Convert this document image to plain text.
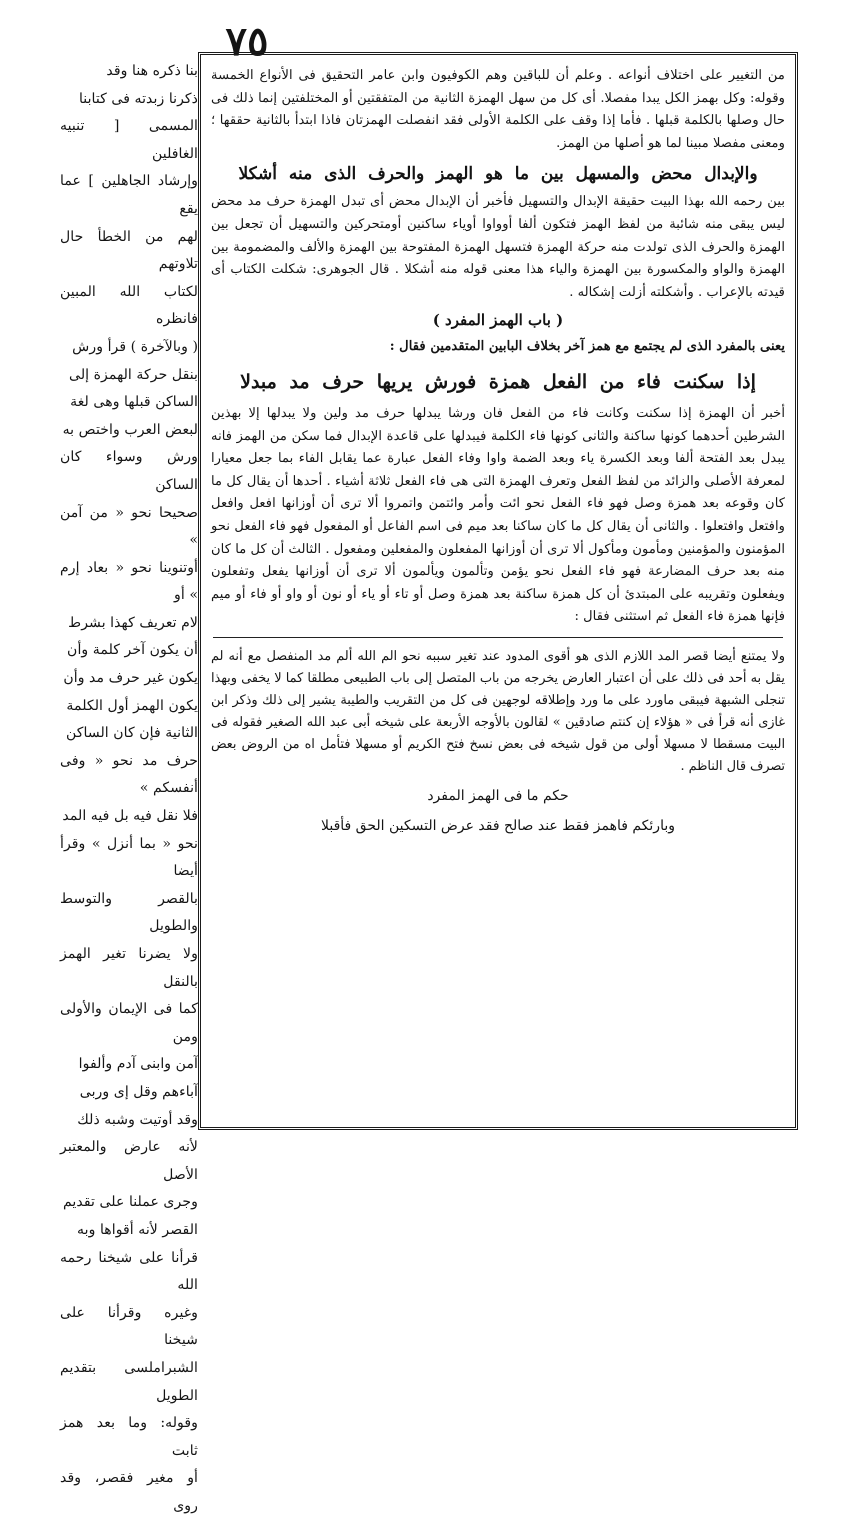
٧٥
بنا ذكره هنا وقد
ذكرنا زبدته فى كتابنا
المسمى [ تنبيه الغافلين
وإرشاد الجاهلين ] عما يقع
لهم من الخطأ حال تلاوتهم
لكتاب الله المبين فانظره
( وبالآخرة ) قرأ ورش
بنقل حركة الهمزة إلى
الساكن قبلها وهى لغة
لبعض العرب واختص به
ورش وسواء كان الساكن
صحيحا نحو « من آمن »
أوتنوينا نحو « بعاد إرم » أو
لام تعريف كهذا بشرط
أن يكون آخر كلمة وأن
يكون غير حرف مد وأن
يكون الهمز أول الكلمة
الثانية فإن كان الساكن
حرف مد نحو « وفى أنفسكم »
فلا نقل فيه بل فيه المد
نحو « بما أنزل » وقرأ أيضا
بالقصر والتوسط والطويل
ولا يضرنا تغير الهمز بالنقل
كما فى الإيمان والأولى ومن
آمن وابنى آدم وألفوا
آباءهم وقل إى وربى
وقد أوتيت وشبه ذلك
لأنه عارض والمعتبر الأصل
وجرى عملنا على تقديم
القصر لأنه أقواها وبه
قرأنا على شيخنا رحمه الله
وغيره وقرأنا على شيخنا
الشبراملسى بتقديم الطويل
وقوله: وما بعد همز ثابت
أو مغير فقصر، وقد روى

من التغيير على اختلاف أنواعه . وعلم أن للباقين وهم الكوفيون وابن عامر التحقيق فى الأنواع الخمسة وقوله: وكل بهمز الكل يبدا مفصلا. أى كل من سهل الهمزة الثانية من المتفقتين أو المختلفتين إنما ذلك فى حال وصلها بالكلمة قبلها . فأما إذا وقف على الكلمة الأولى فقد انفصلت الهمزتان فاذا ابتدأ بالثانية حققها ؛ ومعنى مفصلا مبينا لما هو أصلها من الهمز.

والإبدال محض والمسهل بين ما هو الهمز والحرف الذى منه أشكلا

بين رحمه الله بهذا البيت حقيقة الإبدال والتسهيل فأخبر أن الإبدال محض أى تبدل الهمزة حرف مد محض ليس يبقى منه شائبة من لفظ الهمز فتكون ألفا أوواوا أوياء ساكنين أومتحركين والتسهيل أن تجعل بين الهمزة والحرف الذى تولدت منه حركة الهمزة فتسهل الهمزة المفتوحة بين الهمزة والألف والمضمومة بين الهمزة والواو والمكسورة بين الهمزة والياء هذا معنى قوله منه أشكلا . قال الجوهرى: شكلت الكتاب أى قيدته بالإعراب . وأشكلته أزلت إشكاله .

( باب الهمز المفرد )

يعنى بالمفرد الذى لم يجتمع مع همز آخر بخلاف البابين المتقدمين فقال :

إذا سكنت فاء من الفعل همزة فورش يريها حرف مد مبدلا

أخبر أن الهمزة إذا سكنت وكانت فاء من الفعل فان ورشا يبدلها حرف مد ولين ولا يبدلها إلا بهذين الشرطين أحدهما كونها ساكنة والثانى كونها فاء الكلمة فيبدلها على قاعدة الإبدال فما سكن من الهمز فانه يبدل بعد الفتحة ألفا وبعد الكسرة ياء وبعد الضمة واوا وفاء الفعل عبارة عما يقابل الفاء بما جعل معيارا لمعرفة الأصلى والزائد من لفظ الفعل وتعرف الهمزة التى هى فاء الفعل ثلاثة أشياء . أحدها أن يقال كل ما كان وقوعه بعد همزة وصل فهو فاء الفعل نحو ائت وأمر وائتمن واتمروا ألا ترى أن أوزانها افعل وافعل وافتعل وافتعلوا . والثانى أن يقال كل ما كان ساكنا بعد ميم فى اسم الفاعل أو المفعول فهو فاء الفعل نحو المؤمنون والمؤمنين ومأمون ومأكول ألا ترى أن أوزانها المفعلون والمفعلين ومفعول . الثالث أن كل ما كان منه بعد حرف المضارعة فهو فاء الفعل نحو يؤمن وتألمون ويألمون ألا ترى أن أوزانها يفعل وتفعلون ويفعلون وتقريبه على المبتدئ أن كل همزة ساكنة بعد همزة وصل أو تاء أو ياء أو نون أو واو أو فاء أو ميم فإنها همزة فاء الفعل ثم استثنى فقال :

ولا يمتنع أيضا قصر المد اللازم الذى هو أقوى المدود عند تغير سببه نحو الم الله ألم مد المنفصل مع أنه لم يقل به أحد فى ذلك على أن اعتبار العارض يخرجه من باب المتصل إلى باب الطبيعى مطلقا كما لا يخفى وبهذا تنجلى الشبهة فيبقى ماورد على ما ورد وإطلاقه لوجهين فى كل من التقريب والطيبة يشير إلى ذلك وذكر ابن غازى أنه قرأ فى « هؤلاء إن كنتم صادقين » لقالون بالأوجه الأربعة على شيخه أبى عبد الله الصغير فقوله فى البيت مسقطا لا مسهلا أولى من قول شيخه فى بعض نسخ فتح الكريم أو مسهلا فتأمل اه من الروض بعض تصرف قال الناظم .

حكم ما فى الهمز المفرد
وبارئكم فاهمز فقط عند صالح فقد عرض التسكين الحق فأقبلا
